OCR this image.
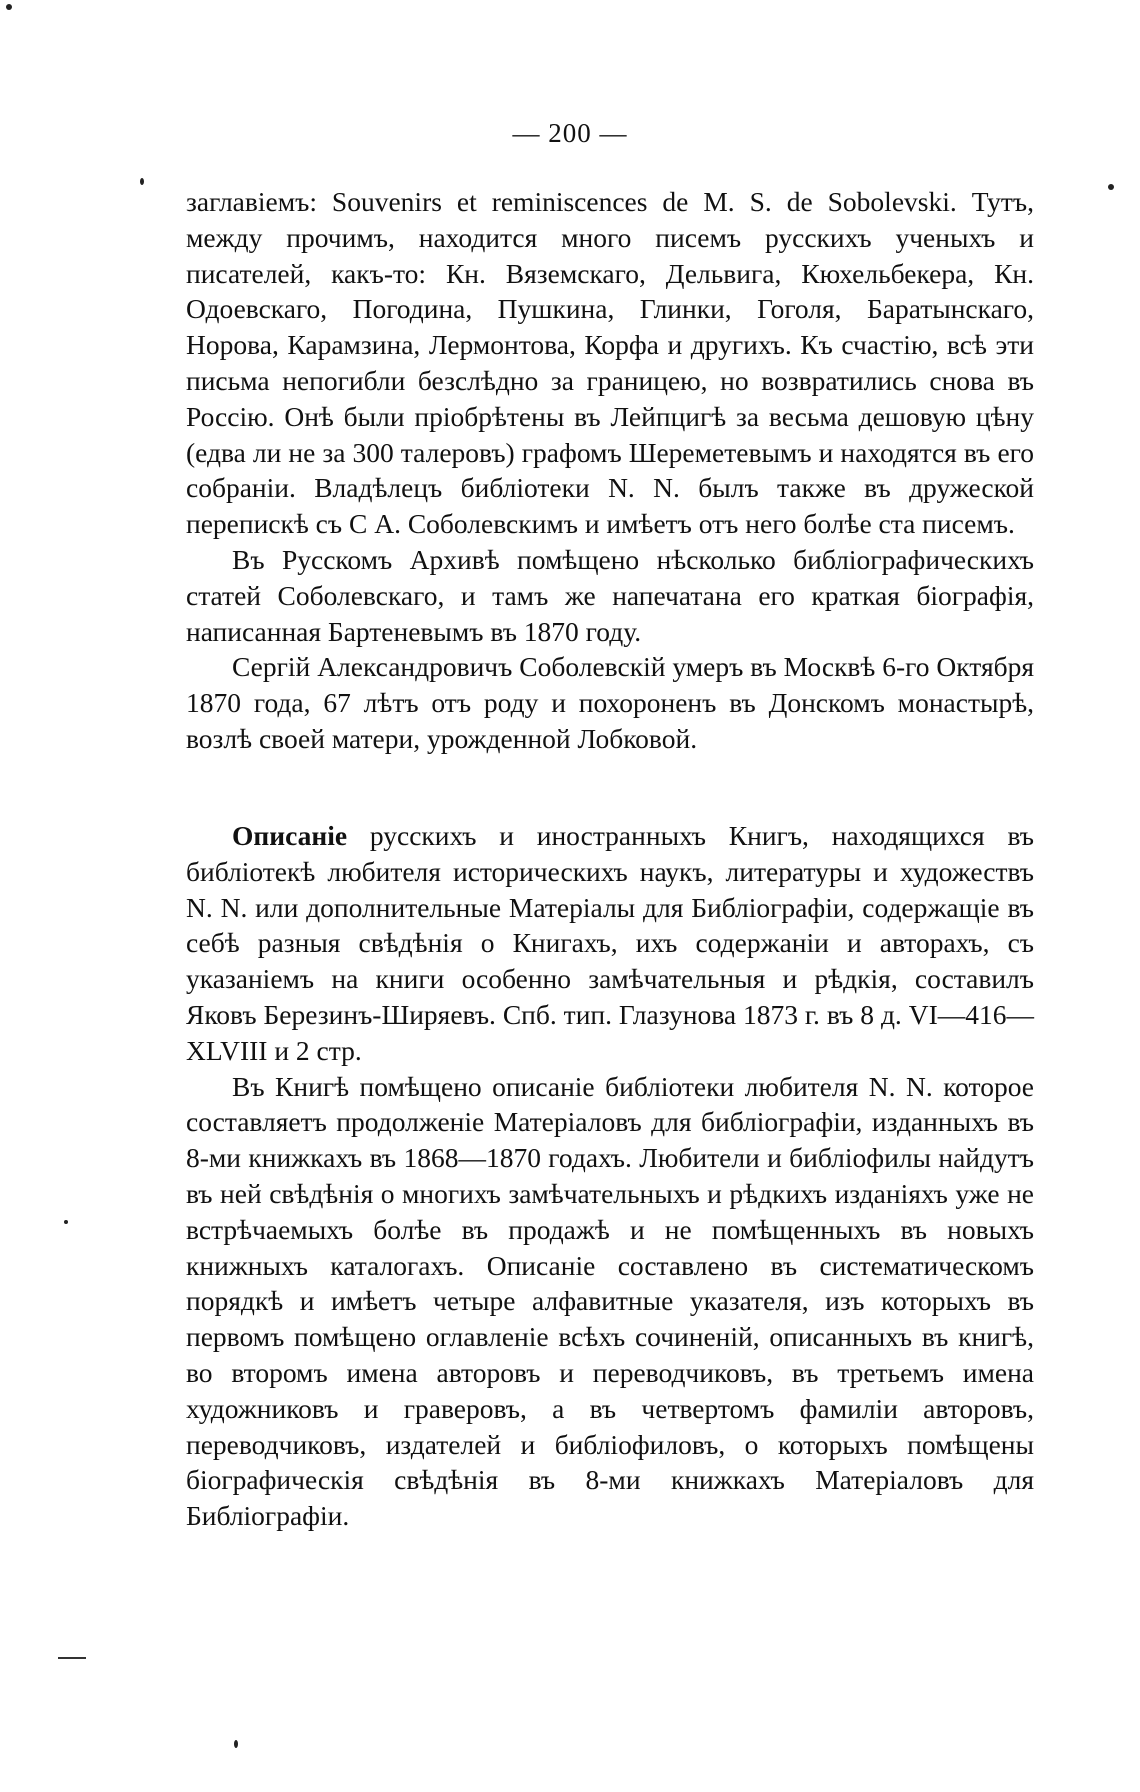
— 200 —

заглавіемъ: Souvenirs et reminiscences de M. S. de Sobolevski. Тутъ, между прочимъ, находится много писемъ русскихъ ученыхъ и писателей, какъ-то: Кн. Вяземскаго, Дельвига, Кюхельбекера, Кн. Одоевскаго, Погодина, Пушкина, Глинки, Гоголя, Баратынскаго, Норова, Карамзина, Лермонтова, Корфа и другихъ. Къ счастію, всѣ эти письма непогибли безслѣдно за границею, но возвратились снова въ Россію. Онѣ были пріобрѣтены въ Лейпцигѣ за весьма дешовую цѣну (едва ли не за 300 талеровъ) графомъ Шереметевымъ и находятся въ его собраніи. Владѣлецъ библіотеки N. N. былъ также въ дружеской перепискѣ съ С А. Соболевскимъ и имѣетъ отъ него болѣе ста писемъ.

Въ Русскомъ Архивѣ помѣщено нѣсколько библіографическихъ статей Соболевскаго, и тамъ же напечатана его краткая біографія, написанная Бартеневымъ въ 1870 году.

Сергій Александровичъ Соболевскій умеръ въ Москвѣ 6-го Октября 1870 года, 67 лѣтъ отъ роду и похороненъ въ Донскомъ монастырѣ, возлѣ своей матери, урожденной Лобковой.

Описаніе русскихъ и иностранныхъ Книгъ, находящихся въ библіотекѣ любителя историческихъ наукъ, литературы и художествъ N. N. или дополнительные Матеріалы для Библіографіи, содержащіе въ себѣ разныя свѣдѣнія о Книгахъ, ихъ содержаніи и авторахъ, съ указаніемъ на книги особенно замѣчательныя и рѣдкія, составилъ Яковъ Березинъ-Ширяевъ. Спб. тип. Глазунова 1873 г. въ 8 д. VI—416—XLVIII и 2 стр.

Въ Книгѣ помѣщено описаніе библіотеки любителя N. N. которое составляетъ продолженіе Матеріаловъ для библіографіи, изданныхъ въ 8-ми книжкахъ въ 1868—1870 годахъ. Любители и библіофилы найдутъ въ ней свѣдѣнія о многихъ замѣчательныхъ и рѣдкихъ изданіяхъ уже не встрѣчаемыхъ болѣе въ продажѣ и не помѣщенныхъ въ новыхъ книжныхъ каталогахъ. Описаніе составлено въ систематическомъ порядкѣ и имѣетъ четыре алфавитные указателя, изъ которыхъ въ первомъ помѣщено оглавленіе всѣхъ сочиненій, описанныхъ въ книгѣ, во второмъ имена авторовъ и переводчиковъ, въ третьемъ имена художниковъ и граверовъ, а въ четвертомъ фамиліи авторовъ, переводчиковъ, издателей и библіофиловъ, о которыхъ помѣщены біографическія свѣдѣнія въ 8-ми книжкахъ Матеріаловъ для Библіографіи.
